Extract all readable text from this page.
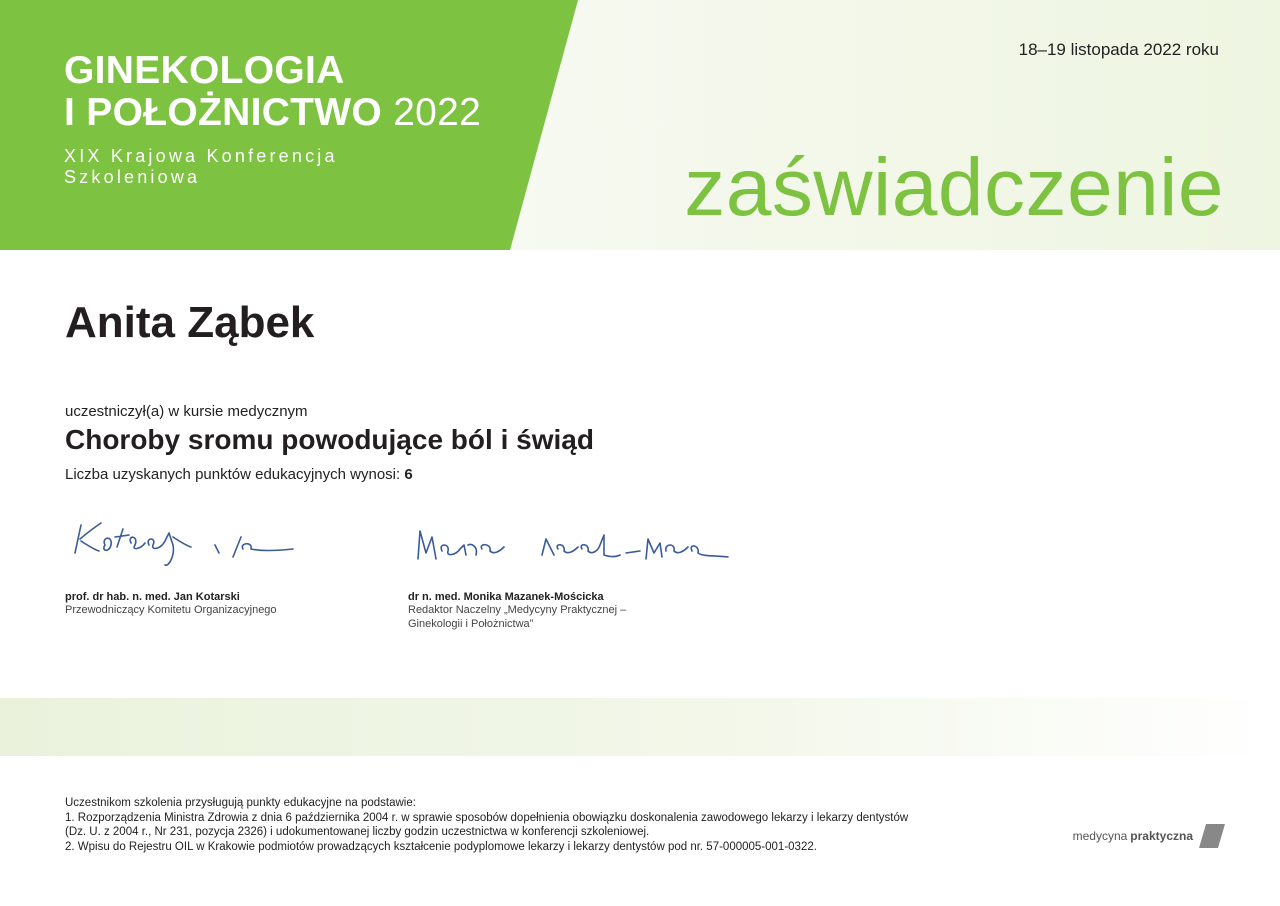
GINEKOLOGIA
I POŁOŻNICTWO 2022

XIX Krajowa Konferencja Szkoleniowa

18–19 listopada 2022 roku
zaświadczenie
Anita Ząbek
uczestniczył(a) w kursie medycznym
Choroby sromu powodujące ból i świąd
Liczba uzyskanych punktów edukacyjnych wynosi: 6
prof. dr hab. n. med. Jan Kotarski
Przewodniczący Komitetu Organizacyjnego
dr n. med. Monika Mazanek-Mościcka
Redaktor Naczelny „Medycyny Praktycznej – Ginekologii i Położnictwa”

Uczestnikom szkolenia przysługują punkty edukacyjne na podstawie:

1. Rozporządzenia Ministra Zdrowia z dnia 6 października 2004 r. w sprawie sposobów dopełnienia obowiązku doskonalenia zawodowego lekarzy i lekarzy dentystów (Dz. U. z 2004 r., Nr 231, pozycja 2326) i udokumentowanej liczby godzin uczestnictwa w konferencji szkoleniowej.

2. Wpisu do Rejestru OIL w Krakowie podmiotów prowadzących kształcenie podyplomowe lekarzy i lekarzy dentystów pod nr. 57-000005-001-0322.

medycyna praktyczna
